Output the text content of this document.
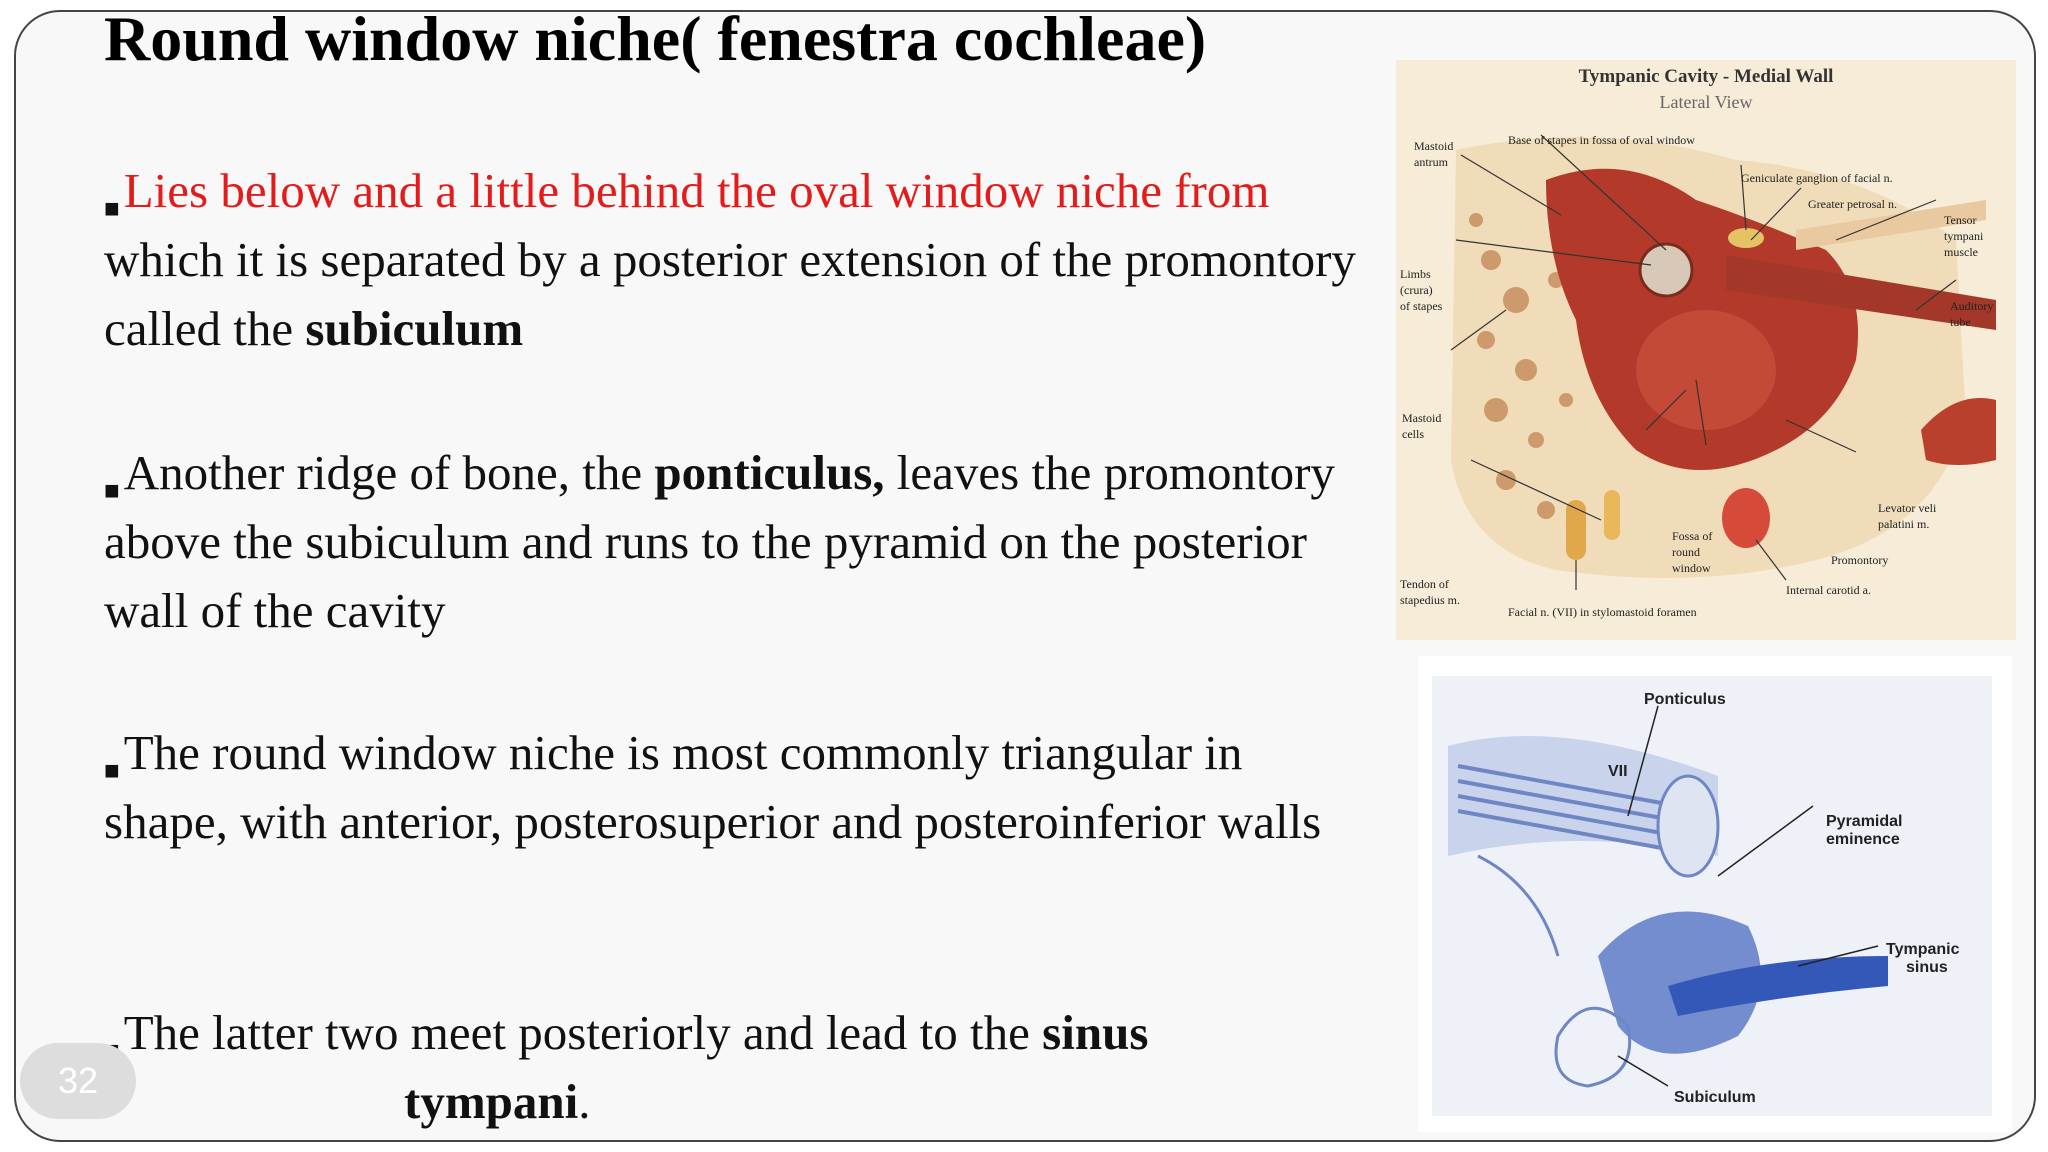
Round window niche( fenestra cochleae)
■Lies below and a little behind the oval window niche from which it is separated by a posterior extension of the promontory called the subiculum
■Another ridge of bone, the ponticulus, leaves the promontory above the subiculum and runs to the pyramid on the posterior wall of the cavity
■The round window niche is most commonly triangular in shape, with anterior, posterosuperior and posteroinferior walls
The latter two meet posteriorly and lead to the sinus
tympani.
Tympanic Cavity - Medial Wall
Lateral View
Mastoid
antrum
Base of stapes in fossa of oval window
Geniculate ganglion of facial n.
Greater petrosal n.
Tensor
tympani
muscle
Limbs
(crura)
of stapes	Auditory
tube
Mastoid
cells
Levator veli
palatini m.
Fossa of
round
window
Promontory
Tendon of
stapedius m.
Facial n. (VII) in stylomastoid foramen
Internal carotid a.
Ponticulus
VII
Pyramidal
eminence
Tympanic
sinus
Subiculum
32
